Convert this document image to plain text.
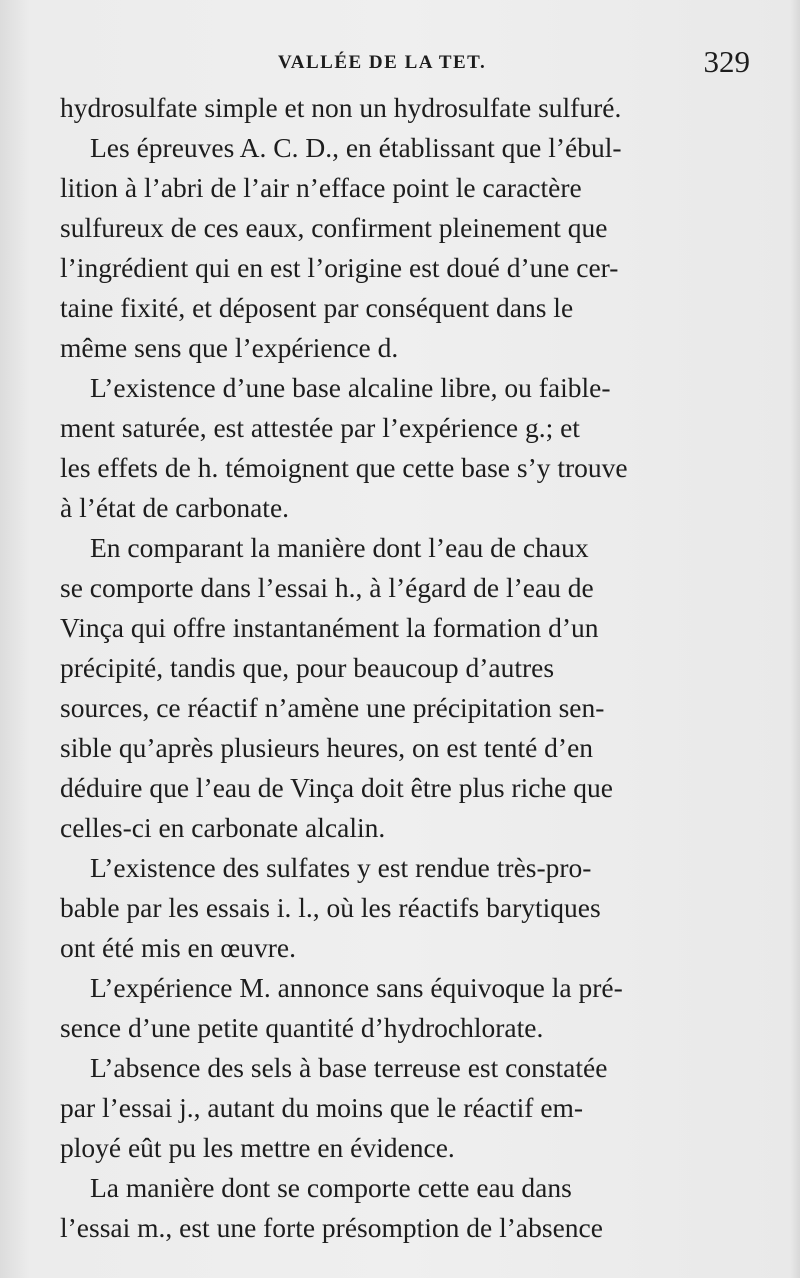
VALLÉE DE LA TET.	329
hydrosulfate simple et non un hydrosulfate sulfuré.
Les épreuves A. C. D., en établissant que l’ébul-
lition à l’abri de l’air n’efface point le caractère
sulfureux de ces eaux, confirment pleinement que
l’ingrédient qui en est l’origine est doué d’une cer-
taine fixité, et déposent par conséquent dans le
même sens que l’expérience d.
L’existence d’une base alcaline libre, ou faible-
ment saturée, est attestée par l’expérience g.; et
les effets de h. témoignent que cette base s’y trouve
à l’état de carbonate.
En comparant la manière dont l’eau de chaux
se comporte dans l’essai h., à l’égard de l’eau de
Vinça qui offre instantanément la formation d’un
précipité, tandis que, pour beaucoup d’autres
sources, ce réactif n’amène une précipitation sen-
sible qu’après plusieurs heures, on est tenté d’en
déduire que l’eau de Vinça doit être plus riche que
celles-ci en carbonate alcalin.
L’existence des sulfates y est rendue très-pro-
bable par les essais i. l., où les réactifs barytiques
ont été mis en œuvre.
L’expérience M. annonce sans équivoque la pré-
sence d’une petite quantité d’hydrochlorate.
L’absence des sels à base terreuse est constatée
par l’essai j., autant du moins que le réactif em-
ployé eût pu les mettre en évidence.
La manière dont se comporte cette eau dans
l’essai m., est une forte présomption de l’absence
